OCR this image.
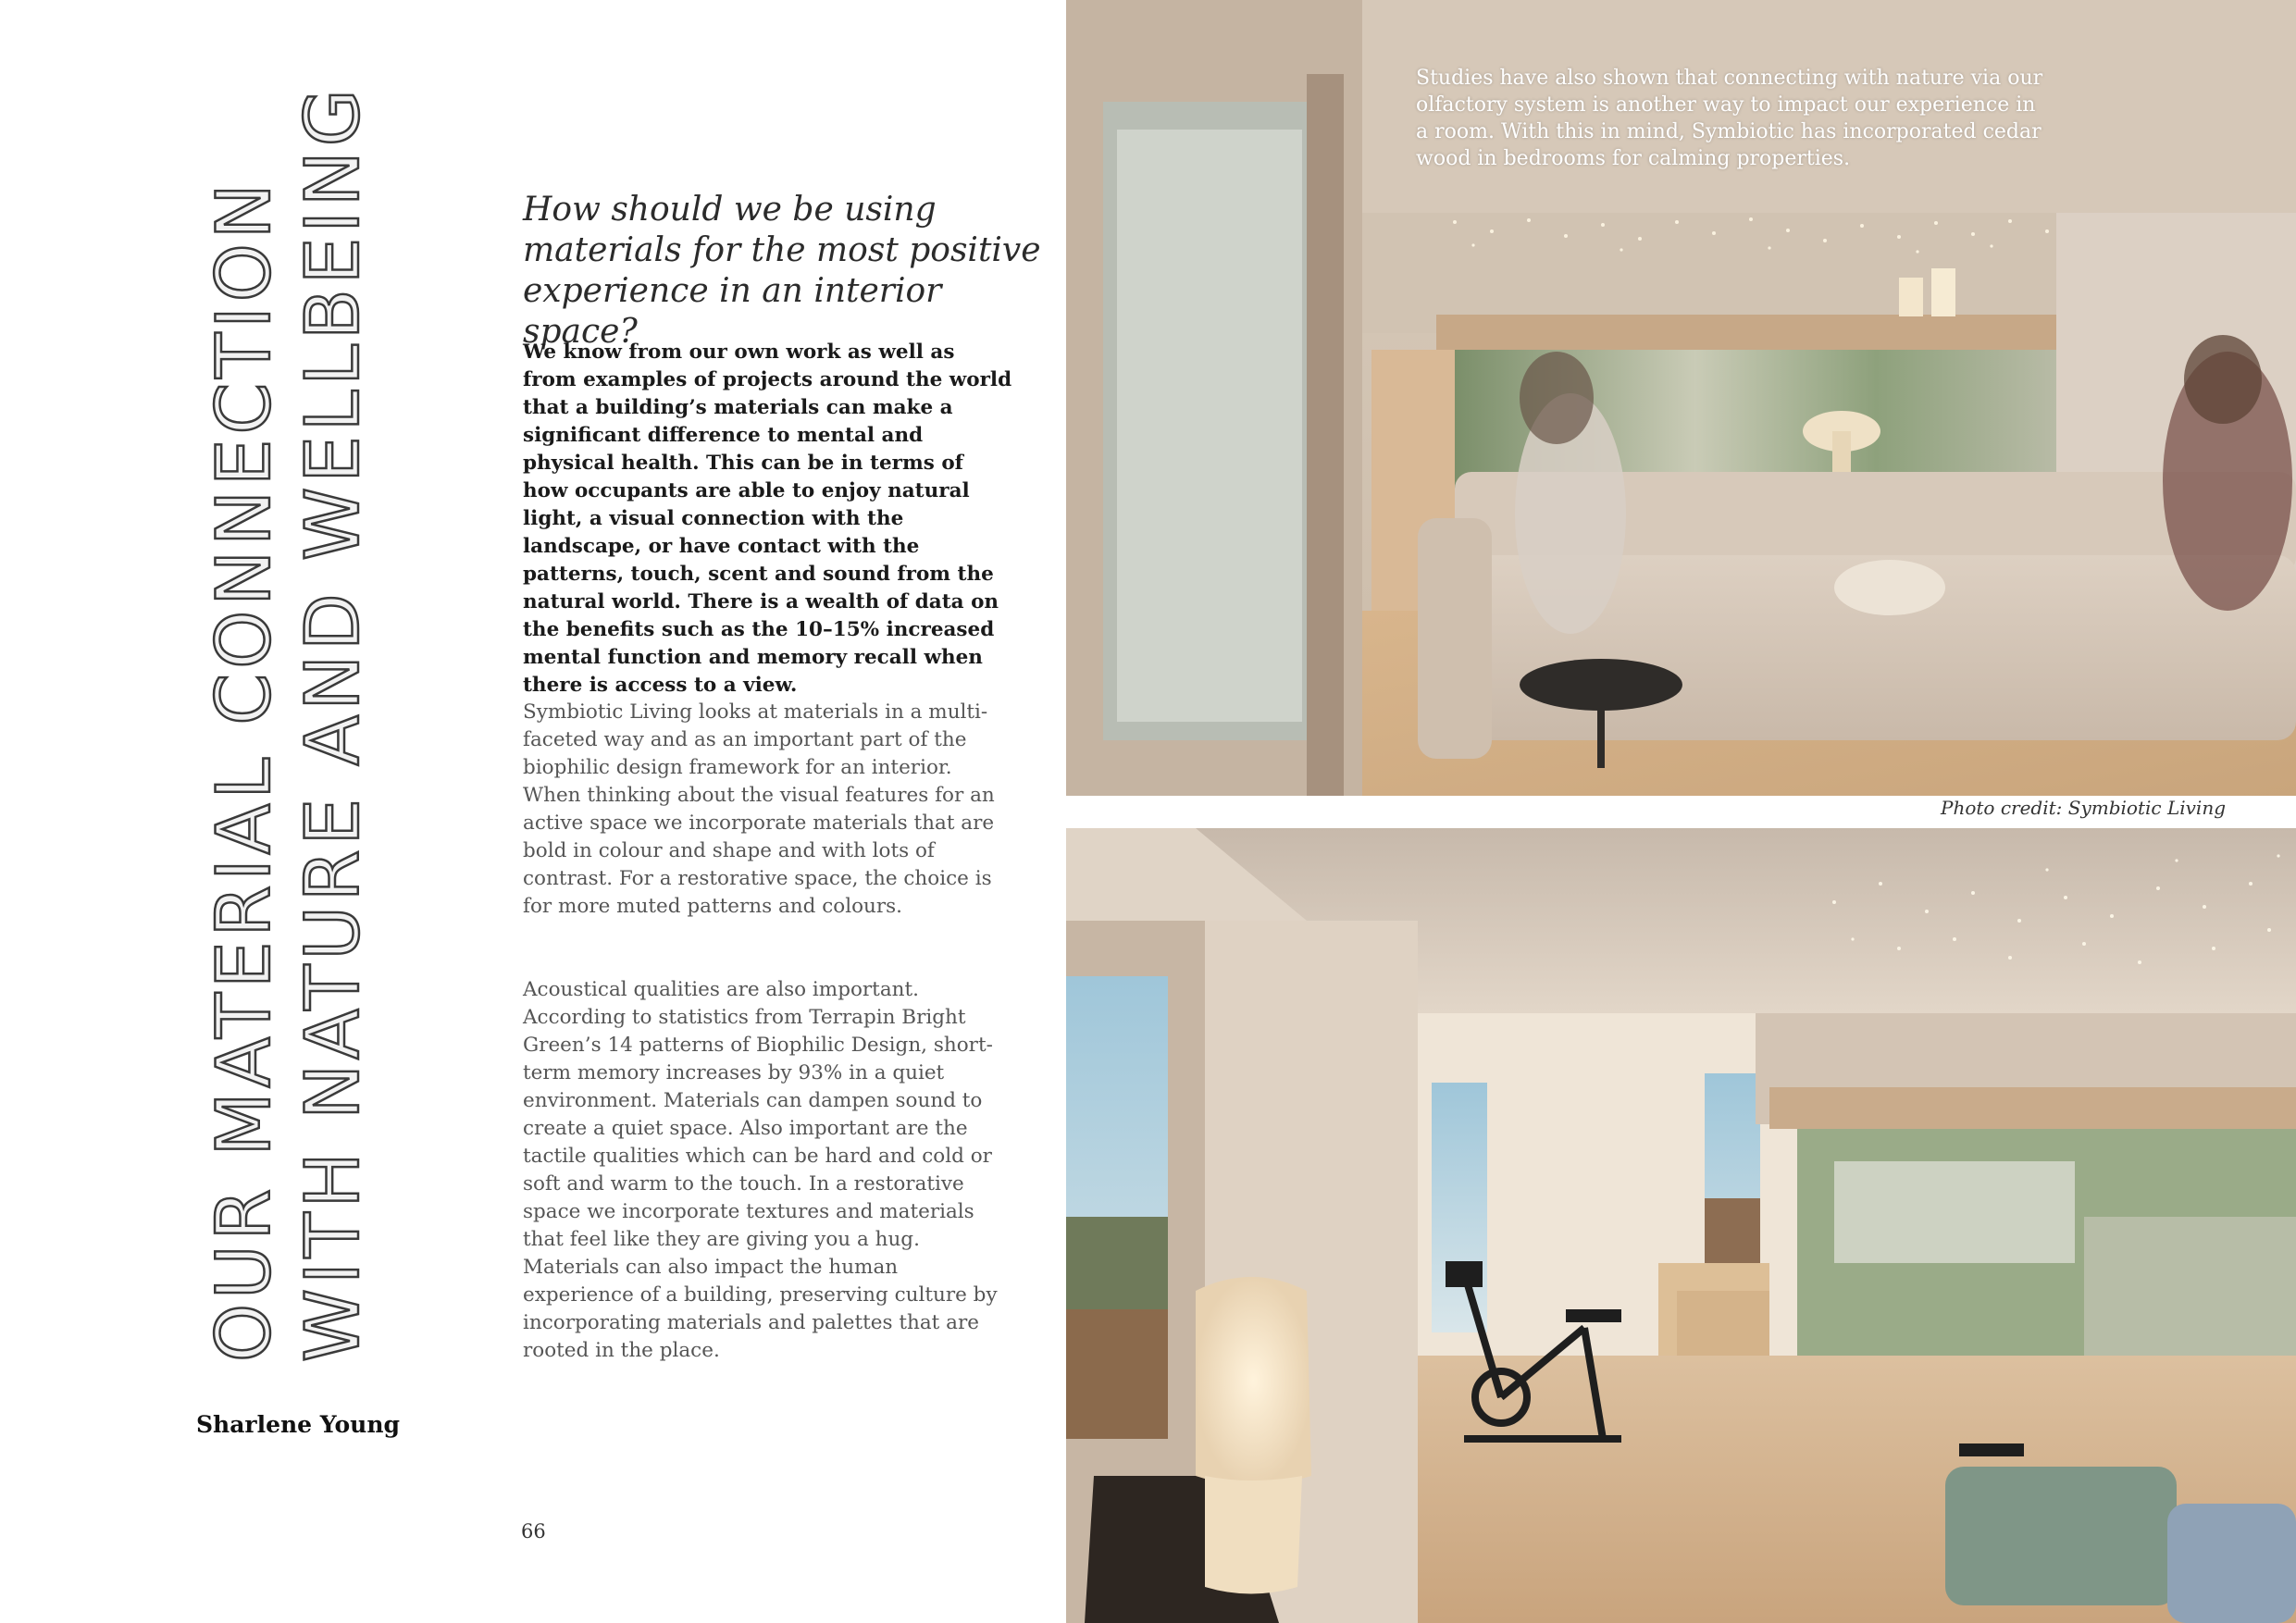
OUR MATERIAL CONNECTION WITH NATURE AND WELLBEING
Sharlene Young
How should we be using materials for the most positive experience in an interior space?
We know from our own work as well as from examples of projects around the world that a building’s materials can make a significant difference to mental and physical health. This can be in terms of how occupants are able to enjoy natural light, a visual connection with the landscape, or have contact with the patterns, touch, scent and sound from the natural world. There is a wealth of data on the benefits such as the 10–15% increased mental function and memory recall when there is access to a view.
Symbiotic Living looks at materials in a multi-faceted way and as an important part of the biophilic design framework for an interior. When thinking about the visual features for an active space we incorporate materials that are bold in colour and shape and with lots of contrast. For a restorative space, the choice is for more muted patterns and colours.
Acoustical qualities are also important. According to statistics from Terrapin Bright Green’s 14 patterns of Biophilic Design, short-term memory increases by 93% in a quiet environment. Materials can dampen sound to create a quiet space. Also important are the tactile qualities which can be hard and cold or soft and warm to the touch. In a restorative space we incorporate textures and materials that feel like they are giving you a hug. Materials can also impact the human experience of a building, preserving culture by incorporating materials and palettes that are rooted in the place.
66
Studies have also shown that connecting with nature via our olfactory system is another way to impact our experience in a room. With this in mind, Symbiotic has incorporated cedar wood in bedrooms for calming properties.
Photo credit: Symbiotic Living
